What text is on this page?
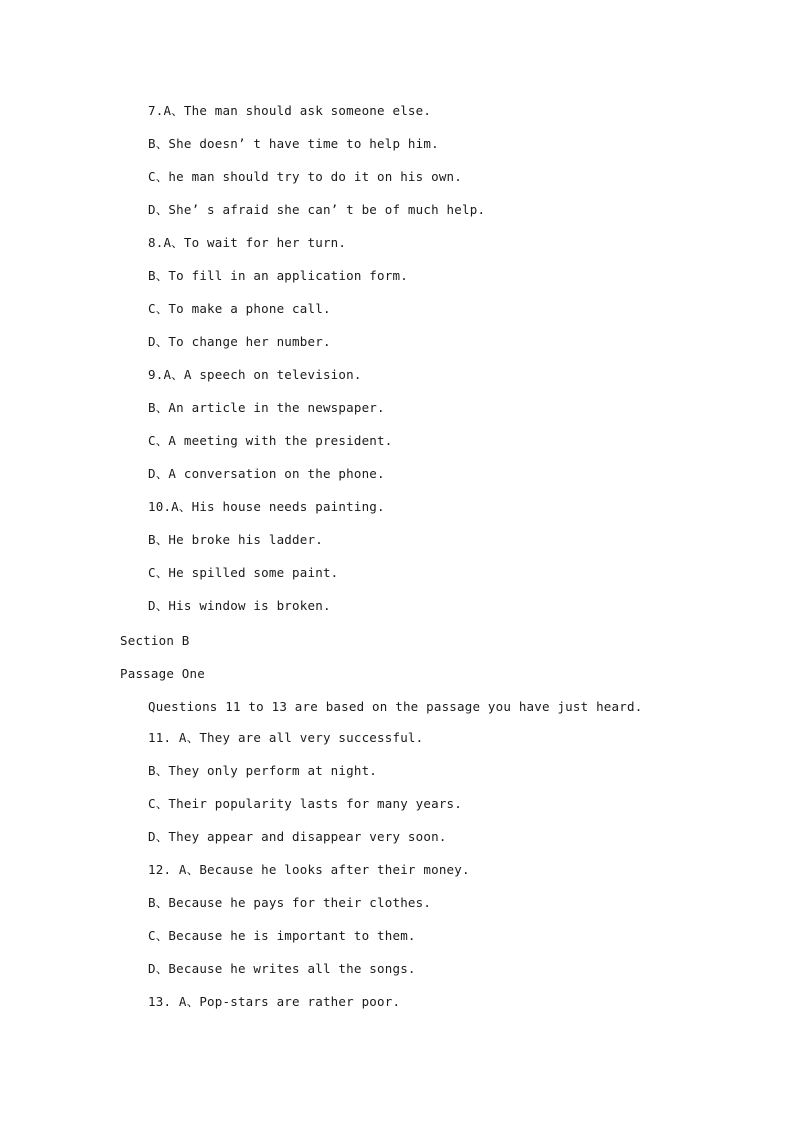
7.A、The man should ask someone else.
B、She doesn’ t have time to help him.
C、he man should try to do it on his own.
D、She’ s afraid she can’ t be of much help.
8.A、To wait for her turn.
B、To fill in an application form.
C、To make a phone call.
D、To change her number.
9.A、A speech on television.
B、An article in the newspaper.
C、A meeting with the president.
D、A conversation on the phone.
10.A、His house needs painting.
B、He broke his ladder.
C、He spilled some paint.
D、His window is broken.
Section B
Passage One
Questions 11 to 13 are based on the passage you have just heard.
11. A、They are all very successful.
B、They only perform at night.
C、Their popularity lasts for many years.
D、They appear and disappear very soon.
12. A、Because he looks after their money.
B、Because he pays for their clothes.
C、Because he is important to them.
D、Because he writes all the songs.
13. A、Pop-stars are rather poor.
